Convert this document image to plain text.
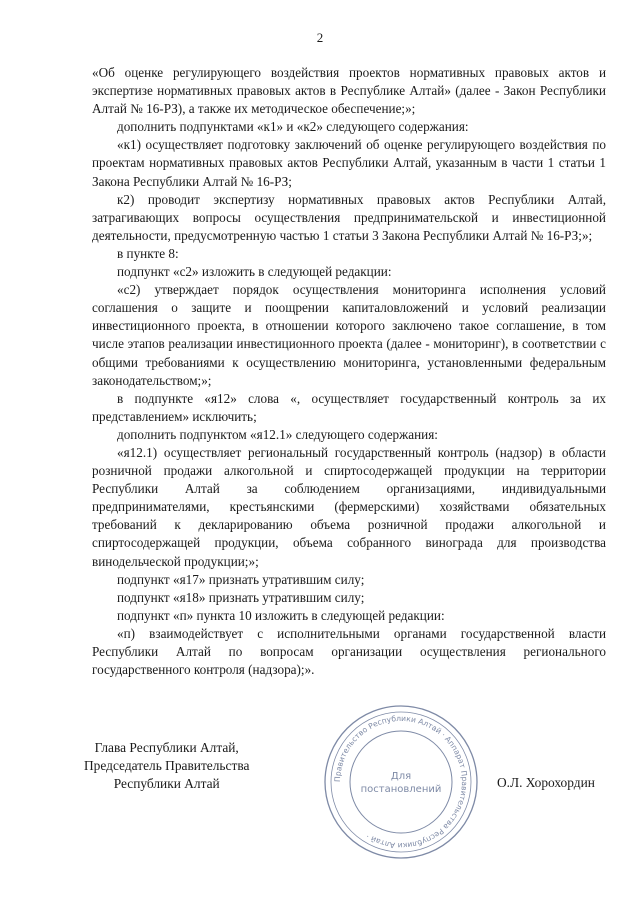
2

«Об оценке регулирующего воздействия проектов нормативных правовых актов и экспертизе нормативных правовых актов в Республике Алтай» (далее - Закон Республики Алтай № 16-РЗ), а также их методическое обеспечение;»;

дополнить подпунктами «к1» и «к2» следующего содержания:

«к1) осуществляет подготовку заключений об оценке регулирующего воздействия по проектам нормативных правовых актов Республики Алтай, указанным в части 1 статьи 1 Закона Республики Алтай № 16-РЗ;

к2) проводит экспертизу нормативных правовых актов Республики Алтай, затрагивающих вопросы осуществления предпринимательской и инвестиционной деятельности, предусмотренную частью 1 статьи 3 Закона Республики Алтай № 16-РЗ;»;

в пункте 8:

подпункт «с2» изложить в следующей редакции:

«с2) утверждает порядок осуществления мониторинга исполнения условий соглашения о защите и поощрении капиталовложений и условий реализации инвестиционного проекта, в отношении которого заключено такое соглашение, в том числе этапов реализации инвестиционного проекта (далее - мониторинг), в соответствии с общими требованиями к осуществлению мониторинга, установленными федеральным законодательством;»;

в подпункте «я12» слова «, осуществляет государственный контроль за их представлением» исключить;

дополнить подпунктом «я12.1» следующего содержания:

«я12.1) осуществляет региональный государственный контроль (надзор) в области розничной продажи алкогольной и спиртосодержащей продукции на территории Республики Алтай за соблюдением организациями, индивидуальными предпринимателями, крестьянскими (фермерскими) хозяйствами обязательных требований к декларированию объема розничной продажи алкогольной и спиртосодержащей продукции, объема собранного винограда для производства винодельческой продукции;»;

подпункт «я17» признать утратившим силу;

подпункт «я18» признать утратившим силу;

подпункт «п» пункта 10 изложить в следующей редакции:

«п) взаимодействует с исполнительными органами государственной власти Республики Алтай по вопросам организации осуществления регионального государственного контроля (надзора);».

Глава Республики Алтай,
Председатель Правительства
Республики Алтай	О.Л. Хорохордин
Правительство Республики Алтай · Аппарат Правительства Республики Алтай ·
Для
постановлений
